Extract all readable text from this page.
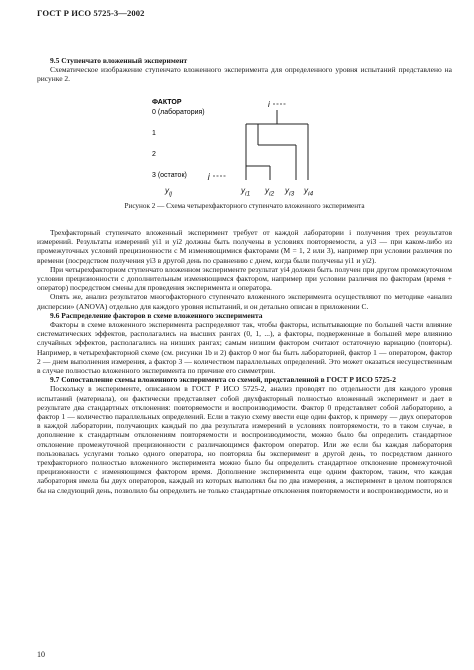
ГОСТ Р ИСО 5725-3—2002

9.5 Ступенчато вложенный эксперимент

Схематическое изображение ступенчато вложенного эксперимента для определенного уровня испытаний представлено на рисунке 2.

ФАКТОР
0 (лаборатория)
1
2
3 (остаток)
i
j
$y_{ij}$	$y_{i1}$ $y_{i2}$ $y_{i3}$ $y_{i4}$
Рисунок 2 — Схема четырехфакторного ступенчато вложенного эксперимента

Трехфакторный ступенчато вложенный эксперимент требует от каждой лаборатории i получения трех результатов измерений. Результаты измерений yi1 и yi2 должны быть получены в условиях повторяемости, а yi3 — при каком-либо из промежуточных условий прецизионности с M изменяющимися факторами (M = 1, 2 или 3), например при условии различия по времени (посредством получения yi3 в другой день по сравнению с днем, когда были получены yi1 и yi2).

При четырехфакторном ступенчато вложенном эксперименте результат yi4 должен быть получен при другом промежуточном условии прецизионности с дополнительным изменяющимся фактором, например при условии различия по факторам (время + оператор) посредством смены для проведения эксперимента и оператора.

Опять же, анализ результатов многофакторного ступенчато вложенного эксперимента осуществляют по методике «анализ дисперсии» (ANOVA) отдельно для каждого уровня испытаний, и он детально описан в приложении C.

9.6 Распределение факторов в схеме вложенного эксперимента

Факторы в схеме вложенного эксперимента распределяют так, чтобы факторы, испытывающие по большей части влияние систематических эффектов, располагались на высших рангах (0, 1, ...), а факторы, подверженные в большей мере влиянию случайных эффектов, располагались на низших рангах; самым низшим фактором считают остаточную вариацию (повторы). Например, в четырехфакторной схеме (см. рисунки 1b и 2) фактор 0 мог бы быть лабораторией, фактор 1 — оператором, фактор 2 — днем выполнения измерения, а фактор 3 — количеством параллельных определений. Это может оказаться несущественным в случае полностью вложенного эксперимента по причине его симметрии.

9.7 Сопоставление схемы вложенного эксперимента со схемой, представленной в ГОСТ Р ИСО 5725-2

Поскольку в эксперименте, описанном в ГОСТ Р ИСО 5725-2, анализ проводят по отдельности для каждого уровня испытаний (материала), он фактически представляет собой двухфакторный полностью вложенный эксперимент и дает в результате два стандартных отклонения: повторяемости и воспроизводимости. Фактор 0 представляет собой лабораторию, а фактор 1 — количество параллельных определений. Если в такую схему ввести еще один фактор, к примеру — двух операторов в каждой лаборатории, получающих каждый по два результата измерений в условиях повторяемости, то в таком случае, в дополнение к стандартным отклонениям повторяемости и воспроизводимости, можно было бы определить стандартное отклонение промежуточной прецизионности с различающимся фактором оператор. Или же если бы каждая лаборатория пользовалась услугами только одного оператора, но повторяла бы эксперимент в другой день, то посредством данного трехфакторного полностью вложенного эксперимента можно было бы определить стандартное отклонение промежуточной прецизионности с изменяющимся фактором время. Дополнение эксперимента еще одним фактором, таким, что каждая лаборатория имела бы двух операторов, каждый из которых выполнял бы по два измерения, а эксперимент в целом повторялся бы на следующий день, позволило бы определить не только стандартные отклонения повторяемости и воспроизводимости, но и

10
